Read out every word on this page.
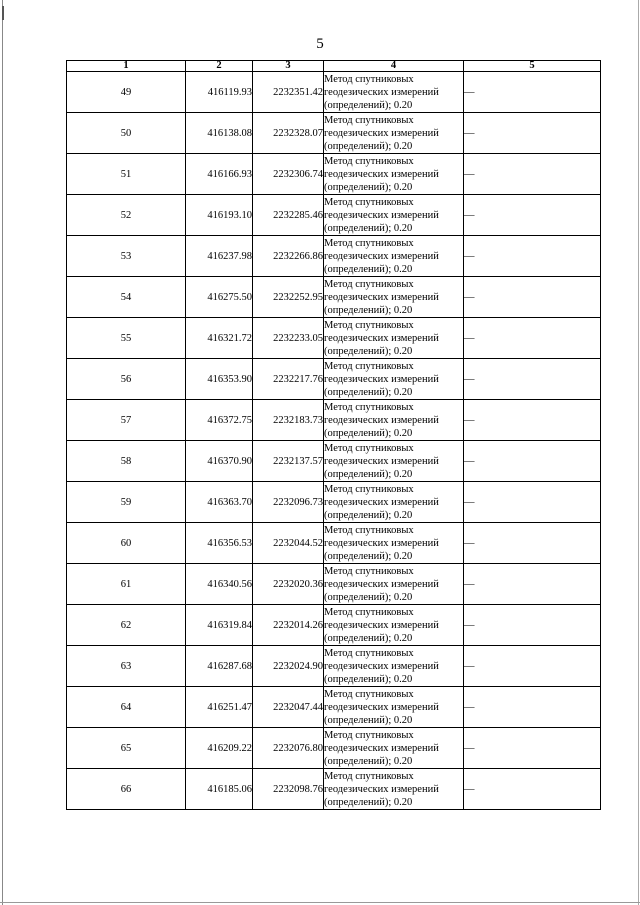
5
1	2	3	4	5
49	416119.93	2232351.42	Метод спутниковых
геодезических измерений
(определений); 0.20	—
50	416138.08	2232328.07	Метод спутниковых
геодезических измерений
(определений); 0.20	—
51	416166.93	2232306.74	Метод спутниковых
геодезических измерений
(определений); 0.20	—
52	416193.10	2232285.46	Метод спутниковых
геодезических измерений
(определений); 0.20	—
53	416237.98	2232266.86	Метод спутниковых
геодезических измерений
(определений); 0.20	—
54	416275.50	2232252.95	Метод спутниковых
геодезических измерений
(определений); 0.20	—
55	416321.72	2232233.05	Метод спутниковых
геодезических измерений
(определений); 0.20	—
56	416353.90	2232217.76	Метод спутниковых
геодезических измерений
(определений); 0.20	—
57	416372.75	2232183.73	Метод спутниковых
геодезических измерений
(определений); 0.20	—
58	416370.90	2232137.57	Метод спутниковых
геодезических измерений
(определений); 0.20	—
59	416363.70	2232096.73	Метод спутниковых
геодезических измерений
(определений); 0.20	—
60	416356.53	2232044.52	Метод спутниковых
геодезических измерений
(определений); 0.20	—
61	416340.56	2232020.36	Метод спутниковых
геодезических измерений
(определений); 0.20	—
62	416319.84	2232014.26	Метод спутниковых
геодезических измерений
(определений); 0.20	—
63	416287.68	2232024.90	Метод спутниковых
геодезических измерений
(определений); 0.20	—
64	416251.47	2232047.44	Метод спутниковых
геодезических измерений
(определений); 0.20	—
65	416209.22	2232076.80	Метод спутниковых
геодезических измерений
(определений); 0.20	—
66	416185.06	2232098.76	Метод спутниковых
геодезических измерений
(определений); 0.20	—
